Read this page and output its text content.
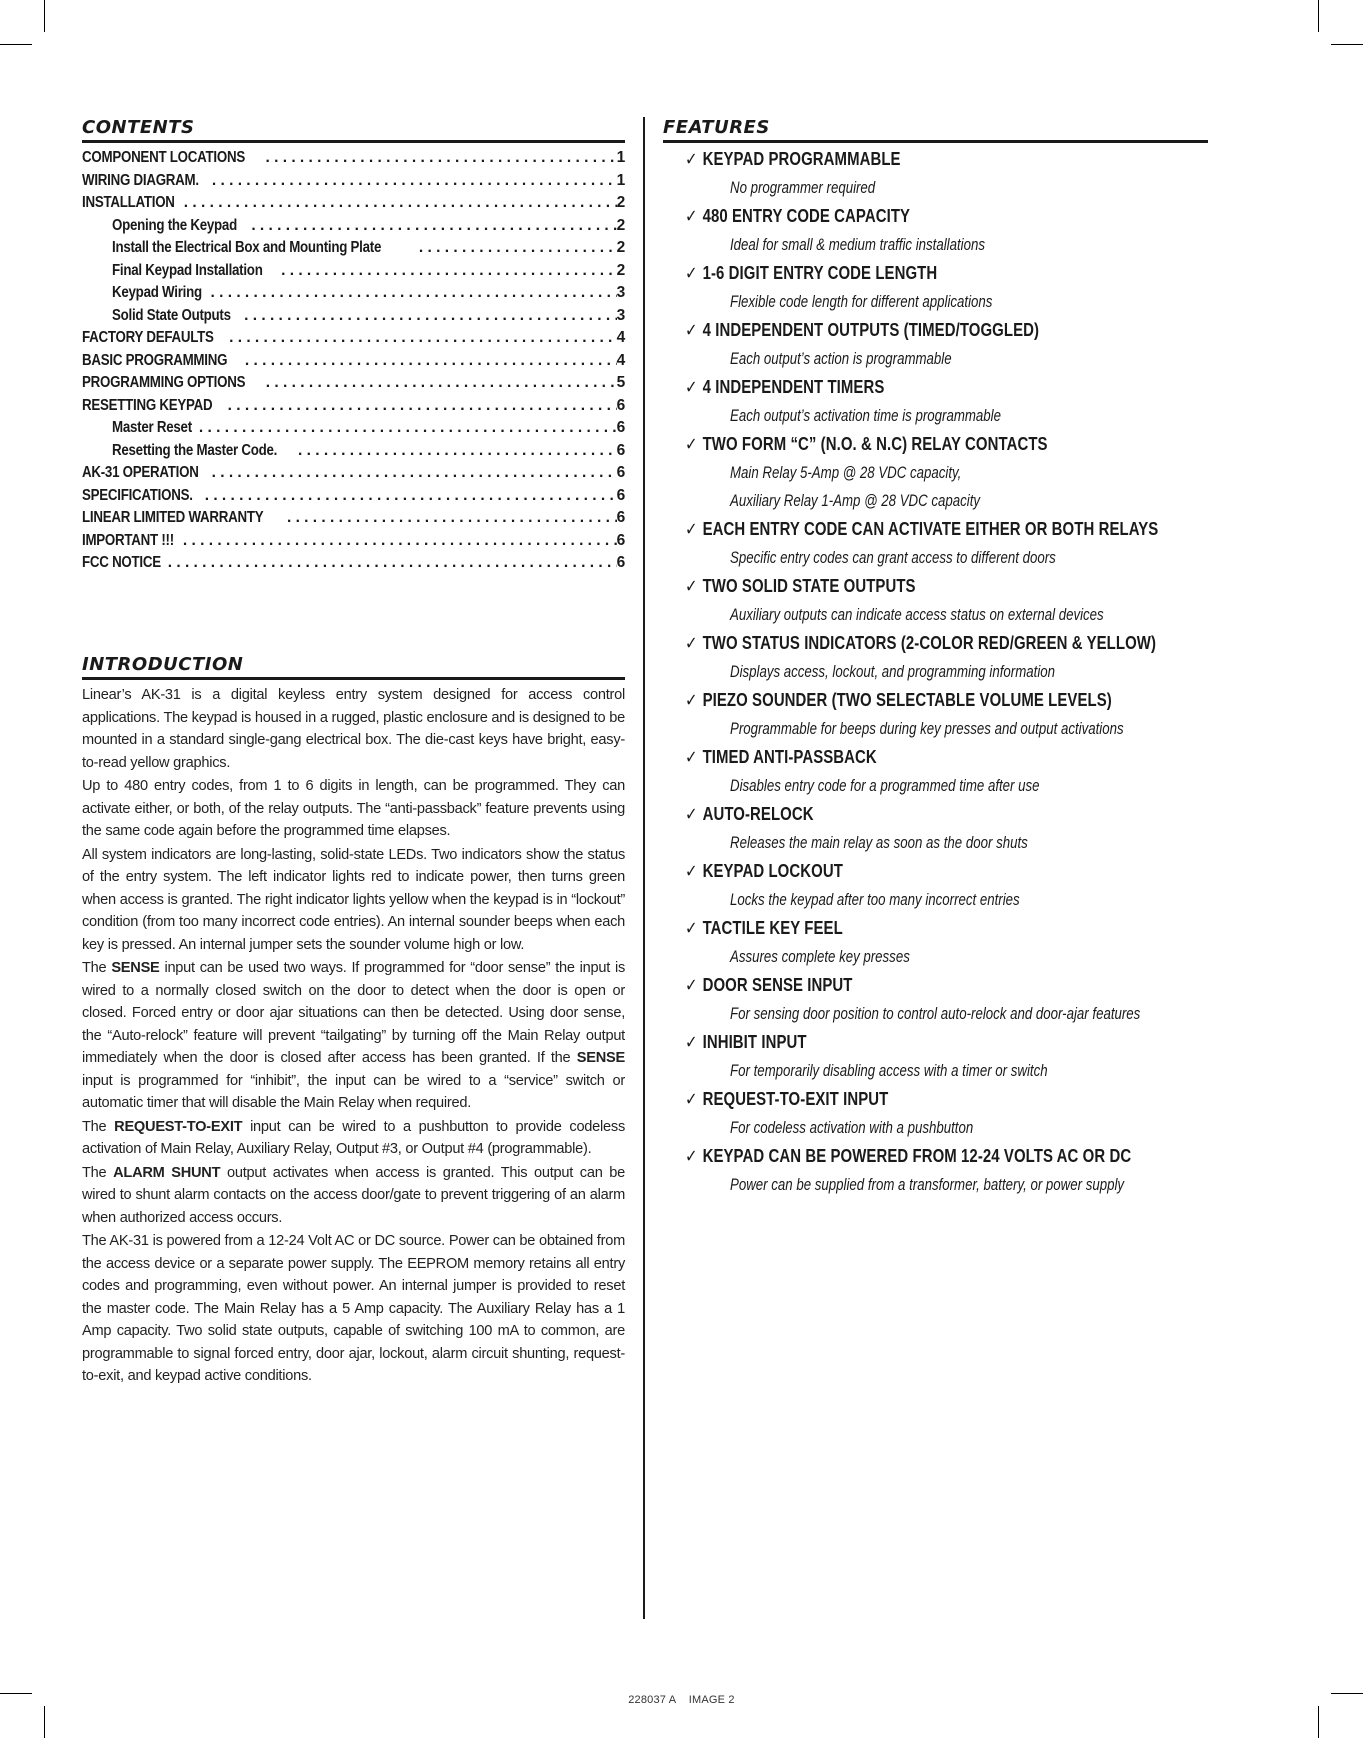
CONTENTS
COMPONENT LOCATIONS . . .	1
WIRING DIAGRAM. . . .	1
INSTALLATION . . .	2
Opening the Keypad . . .	2
Install the Electrical Box and Mounting Plate . . .	2
Final Keypad Installation . . .	2
Keypad Wiring . . .	3
Solid State Outputs . . .	3
FACTORY DEFAULTS . . .	4
BASIC PROGRAMMING . . .	4
PROGRAMMING OPTIONS . . .	5
RESETTING KEYPAD . . .	6
Master Reset . . .	6
Resetting the Master Code. . . .	6
AK-31 OPERATION . . .	6
SPECIFICATIONS. . . .	6
LINEAR LIMITED WARRANTY . . .	6
IMPORTANT !!! . . .	6
FCC NOTICE . . .	6
INTRODUCTION

Linear’s AK-31 is a digital keyless entry system designed for access control applications. The keypad is housed in a rugged, plastic enclosure and is designed to be mounted in a standard single-gang electrical box. The die-cast keys have bright, easy-to-read yellow graphics.

Up to 480 entry codes, from 1 to 6 digits in length, can be programmed. They can activate either, or both, of the relay outputs. The “anti-passback” feature prevents using the same code again before the programmed time elapses.

All system indicators are long-lasting, solid-state LEDs. Two indicators show the status of the entry system. The left indicator lights red to indicate power, then turns green when access is granted. The right indicator lights yellow when the keypad is in “lockout” condition (from too many incorrect code entries). An internal sounder beeps when each key is pressed. An internal jumper sets the sounder volume high or low.

The SENSE input can be used two ways. If programmed for “door sense” the input is wired to a normally closed switch on the door to detect when the door is open or closed. Forced entry or door ajar situations can then be detected. Using door sense, the “Auto-relock” feature will prevent “tailgating” by turning off the Main Relay output immediately when the door is closed after access has been granted. If the SENSE input is programmed for “inhibit”, the input can be wired to a “service” switch or automatic timer that will disable the Main Relay when required.

The REQUEST-TO-EXIT input can be wired to a pushbutton to provide codeless activation of Main Relay, Auxiliary Relay, Output #3, or Output #4 (programmable).

The ALARM SHUNT output activates when access is granted. This output can be wired to shunt alarm contacts on the access door/gate to prevent triggering of an alarm when authorized access occurs.

The AK-31 is powered from a 12-24 Volt AC or DC source. Power can be obtained from the access device or a separate power supply. The EEPROM memory retains all entry codes and programming, even without power. An internal jumper is provided to reset the master code. The Main Relay has a 5 Amp capacity. The Auxiliary Relay has a 1 Amp capacity. Two solid state outputs, capable of switching 100 mA to common, are programmable to signal forced entry, door ajar, lockout, alarm circuit shunting, request-to-exit, and keypad active conditions.

FEATURES
✓ KEYPAD PROGRAMMABLE
No programmer required
✓ 480 ENTRY CODE CAPACITY
Ideal for small & medium traffic installations
✓ 1-6 DIGIT ENTRY CODE LENGTH
Flexible code length for different applications
✓ 4 INDEPENDENT OUTPUTS (TIMED/TOGGLED)
Each output’s action is programmable
✓ 4 INDEPENDENT TIMERS
Each output’s activation time is programmable
✓ TWO FORM “C” (N.O. & N.C) RELAY CONTACTS
Main Relay 5-Amp @ 28 VDC capacity,
Auxiliary Relay 1-Amp @ 28 VDC capacity
✓ EACH ENTRY CODE CAN ACTIVATE EITHER OR BOTH RELAYS
Specific entry codes can grant access to different doors
✓ TWO SOLID STATE OUTPUTS
Auxiliary outputs can indicate access status on external devices
✓ TWO STATUS INDICATORS (2-COLOR RED/GREEN & YELLOW)
Displays access, lockout, and programming information
✓ PIEZO SOUNDER (TWO SELECTABLE VOLUME LEVELS)
Programmable for beeps during key presses and output activations
✓ TIMED ANTI-PASSBACK
Disables entry code for a programmed time after use
✓ AUTO-RELOCK
Releases the main relay as soon as the door shuts
✓ KEYPAD LOCKOUT
Locks the keypad after too many incorrect entries
✓ TACTILE KEY FEEL
Assures complete key presses
✓ DOOR SENSE INPUT
For sensing door position to control auto-relock and door-ajar features
✓ INHIBIT INPUT
For temporarily disabling access with a timer or switch
✓ REQUEST-TO-EXIT INPUT
For codeless activation with a pushbutton
✓ KEYPAD CAN BE POWERED FROM 12-24 VOLTS AC OR DC
Power can be supplied from a transformer, battery, or power supply
228037 A    IMAGE 2
